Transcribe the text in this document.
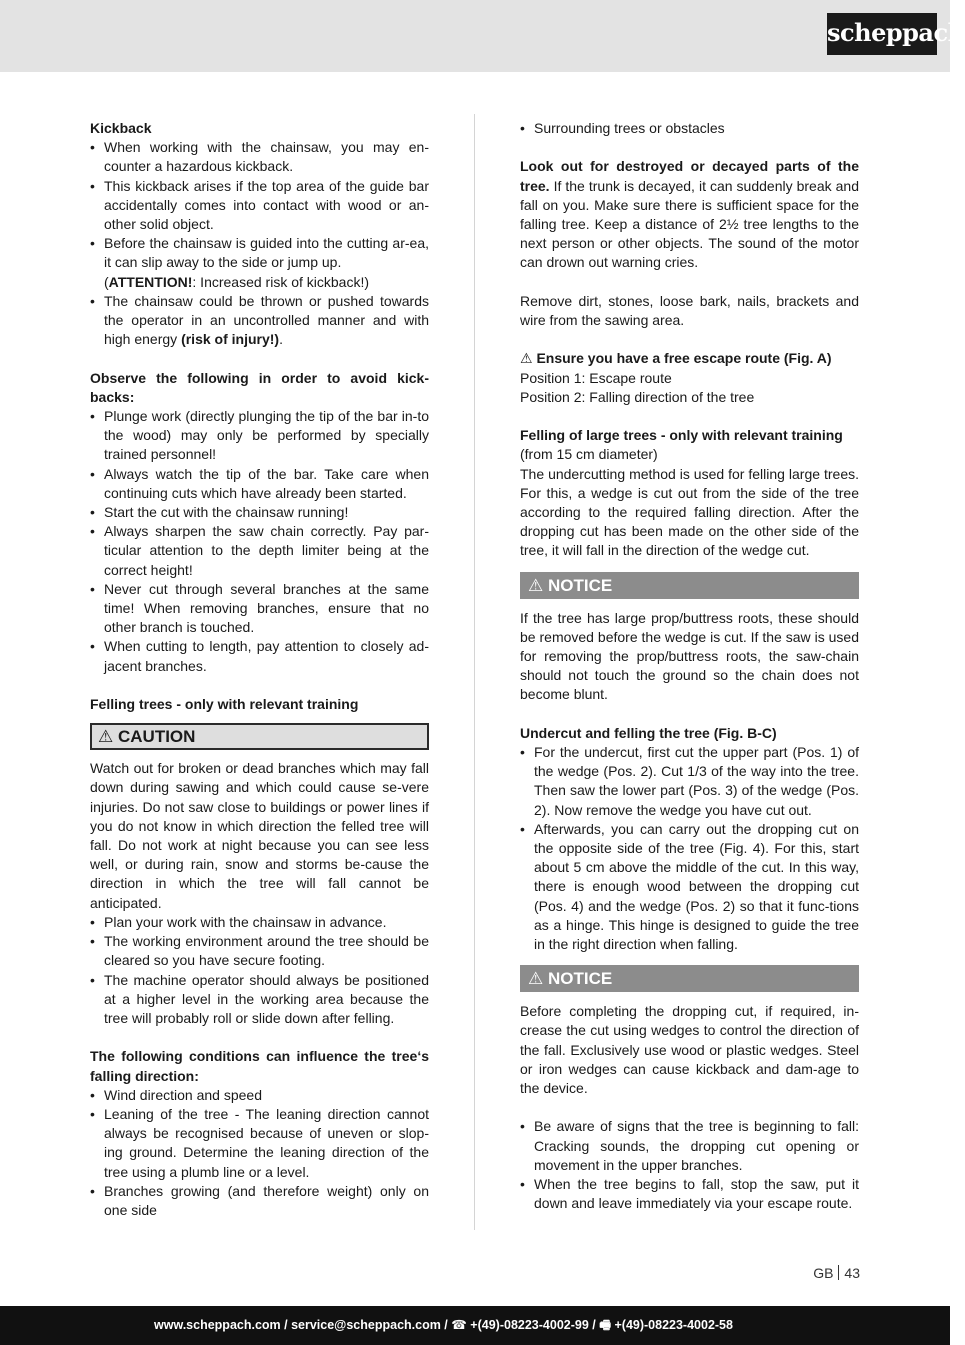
scheppach

Kickback

• When working with the chainsaw, you may en-counter a hazardous kickback.
• This kickback arises if the top area of the guide bar accidentally comes into contact with wood or an-other solid object.
• Before the chainsaw is guided into the cutting ar-ea, it can slip away to the side or jump up.
(ATTENTION!: Increased risk of kickback!)
• The chainsaw could be thrown or pushed towards the operator in an uncontrolled manner and with high energy (risk of injury!).

Observe the following in order to avoid kick-backs:

• Plunge work (directly plunging the tip of the bar in-to the wood) may only be performed by specially trained personnel!
• Always watch the tip of the bar. Take care when continuing cuts which have already been started.
• Start the cut with the chainsaw running!
• Always sharpen the saw chain correctly. Pay par-ticular attention to the depth limiter being at the correct height!
• Never cut through several branches at the same time! When removing branches, ensure that no other branch is touched.
• When cutting to length, pay attention to closely ad-jacent branches.

Felling trees - only with relevant training

⚠ CAUTION

Watch out for broken or dead branches which may fall down during sawing and which could cause se-vere injuries. Do not saw close to buildings or power lines if you do not know in which direction the felled tree will fall. Do not work at night because you can see less well, or during rain, snow and storms be-cause the direction in which the tree will fall cannot be anticipated.

• Plan your work with the chainsaw in advance.
• The working environment around the tree should be cleared so you have secure footing.
• The machine operator should always be positioned at a higher level in the working area because the tree will probably roll or slide down after felling.

The following conditions can influence the tree‘s falling direction:

• Wind direction and speed
• Leaning of the tree - The leaning direction cannot always be recognised because of uneven or slop-ing ground. Determine the leaning direction of the tree using a plumb line or a level.
• Branches growing (and therefore weight) only on one side
• Surrounding trees or obstacles

Look out for destroyed or decayed parts of the tree. If the trunk is decayed, it can suddenly break and fall on you. Make sure there is sufficient space for the falling tree. Keep a distance of 2½ tree lengths to the next person or other objects. The sound of the motor can drown out warning cries.

Remove dirt, stones, loose bark, nails, brackets and wire from the sawing area.

⚠ Ensure you have a free escape route (Fig. A)

Position 1: Escape route

Position 2: Falling direction of the tree

Felling of large trees - only with relevant training

(from 15 cm diameter)

The undercutting method is used for felling large trees. For this, a wedge is cut out from the side of the tree according to the required falling direction. After the dropping cut has been made on the other side of the tree, it will fall in the direction of the wedge cut.

⚠ NOTICE

If the tree has large prop/buttress roots, these should be removed before the wedge is cut. If the saw is used for removing the prop/buttress roots, the saw-chain should not touch the ground so the chain does not become blunt.

Undercut and felling the tree (Fig. B-C)

• For the undercut, first cut the upper part (Pos. 1) of the wedge (Pos. 2). Cut 1/3 of the way into the tree. Then saw the lower part (Pos. 3) of the wedge (Pos. 2). Now remove the wedge you have cut out.
• Afterwards, you can carry out the dropping cut on the opposite side of the tree (Fig. 4). For this, start about 5 cm above the middle of the cut. In this way, there is enough wood between the dropping cut (Pos. 4) and the wedge (Pos. 2) so that it func-tions as a hinge. This hinge is designed to guide the tree in the right direction when falling.
⚠ NOTICE

Before completing the dropping cut, if required, in-crease the cut using wedges to control the direction of the fall. Exclusively use wood or plastic wedges. Steel or iron wedges can cause kickback and dam-age to the device.

• Be aware of signs that the tree is beginning to fall: Cracking sounds, the dropping cut opening or movement in the upper branches.
• When the tree begins to fall, stop the saw, put it down and leave immediately via your escape route.
GB 43
www.scheppach.com / service@scheppach.com / ☎ +(49)-08223-4002-99 / 🖷 +(49)-08223-4002-58
